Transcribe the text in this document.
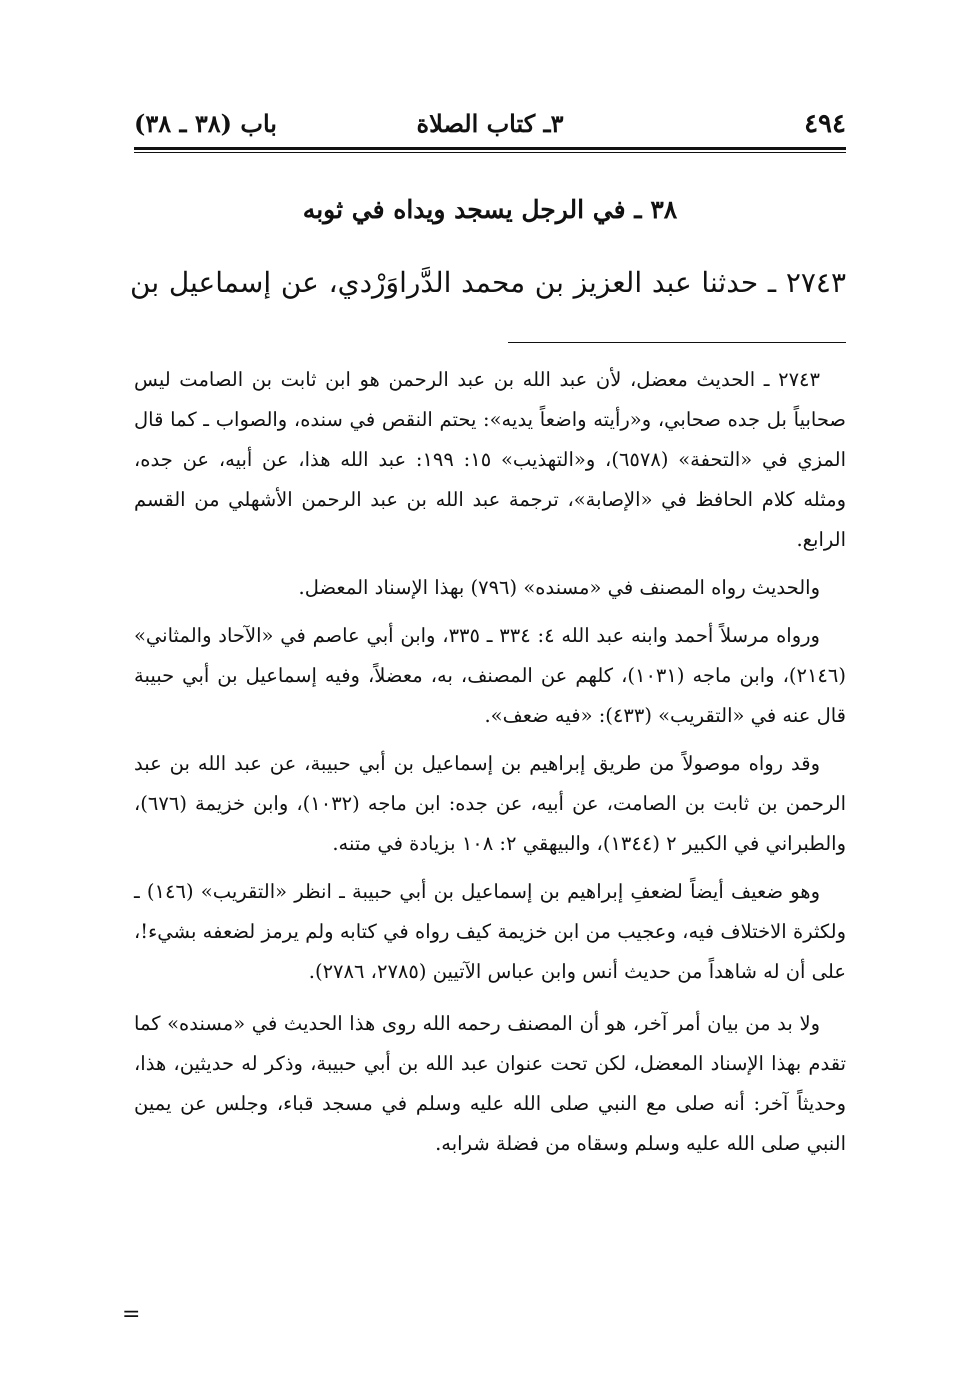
٤٩٤
٣ـ كتاب الصلاة
باب (٣٨ ـ ٣٨)
٣٨ ـ في الرجل يسجد ويداه في ثوبه
٢٧٤٣ ـ حدثنا عبد العزيز بن محمد الدَّراوَرْدي، عن إسماعيل بن

٢٧٤٣ ـ الحديث معضل، لأن عبد الله بن عبد الرحمن هو ابن ثابت بن الصامت ليس صحابياً بل جده صحابي، و«رأيته واضعاً يديه»: يحتم النقص في سنده، والصواب ـ كما قال المزي في «التحفة» (٦٥٧٨)، و«التهذيب» ١٥: ١٩٩: عبد الله هذا، عن أبيه، عن جده، ومثله كلام الحافظ في «الإصابة»، ترجمة عبد الله بن عبد الرحمن الأشهلي من القسم الرابع.

والحديث رواه المصنف في «مسنده» (٧٩٦) بهذا الإسناد المعضل.

ورواه مرسلاً أحمد وابنه عبد الله ٤: ٣٣٤ ـ ٣٣٥، وابن أبي عاصم في «الآحاد والمثاني» (٢١٤٦)، وابن ماجه (١٠٣١)، كلهم عن المصنف، به، معضلاً، وفيه إسماعيل بن أبي حبيبة قال عنه في «التقريب» (٤٣٣): «فيه ضعف».

وقد رواه موصولاً من طريق إبراهيم بن إسماعيل بن أبي حبيبة، عن عبد الله بن عبد الرحمن بن ثابت بن الصامت، عن أبيه، عن جده: ابن ماجه (١٠٣٢)، وابن خزيمة (٦٧٦)، والطبراني في الكبير ٢ (١٣٤٤)، والبيهقي ٢: ١٠٨ بزيادة في متنه.

وهو ضعيف أيضاً لضعفِ إبراهيم بن إسماعيل بن أبي حبيبة ـ انظر «التقريب» (١٤٦) ـ ولكثرة الاختلاف فيه، وعجيب من ابن خزيمة كيف رواه في كتابه ولم يرمز لضعفه بشيء!، على أن له شاهداً من حديث أنس وابن عباس الآتيين (٢٧٨٥، ٢٧٨٦).

ولا بد من بيان أمر آخر، هو أن المصنف رحمه الله روى هذا الحديث في «مسنده» كما تقدم بهذا الإسناد المعضل، لكن تحت عنوان عبد الله بن أبي حبيبة، وذكر له حديثين، هذا، وحديثاً آخر: أنه صلى مع النبي صلى الله عليه وسلم في مسجد قباء، وجلس عن يمين النبي صلى الله عليه وسلم وسقاه من فضلة شرابه.

=
